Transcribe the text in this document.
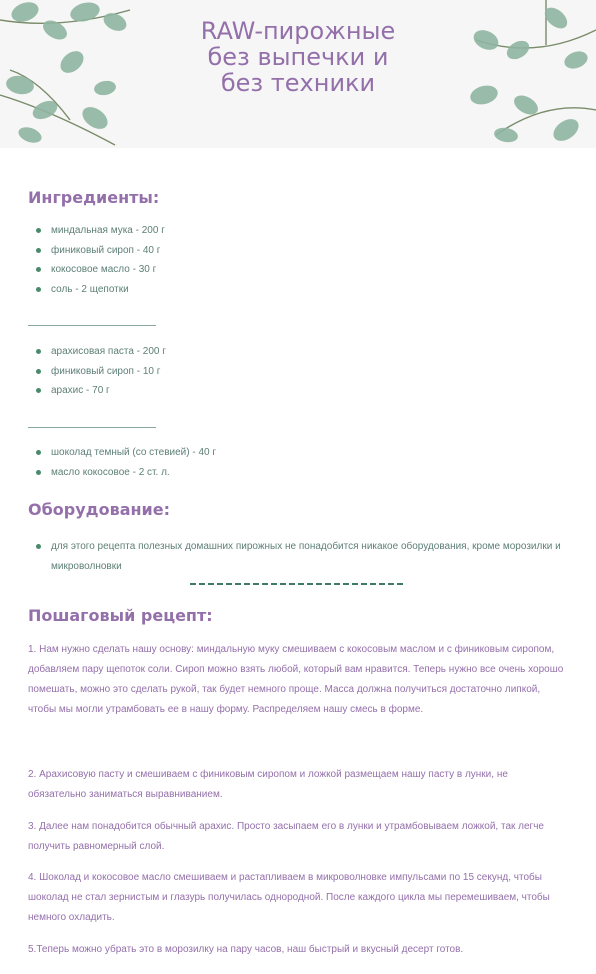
RAW-пирожные
без выпечки и
без техники
Ингредиенты:
миндальная мука - 200 г
финиковый сироп - 40 г
кокосовое масло - 30 г
соль - 2 щепотки
арахисовая паста - 200 г
финиковый сироп - 10 г
арахис - 70 г
шоколад темный (со стевией) - 40 г
масло кокосовое - 2 ст. л.
Оборудование:
для этого рецепта полезных домашних пирожных не понадобится никакое оборудования, кроме морозилки и микроволновки
Пошаговый рецепт:

1. Нам нужно сделать нашу основу: миндальную муку смешиваем с кокосовым маслом и с финиковым сиропом, добавляем пару щепоток соли. Сироп можно взять любой, который вам нравится. Теперь нужно все очень хорошо помешать, можно это сделать рукой, так будет немного проще. Масса должна получиться достаточно липкой, чтобы мы могли утрамбовать ее в нашу форму. Распределяем нашу смесь в форме.

2. Арахисовую пасту и смешиваем с финиковым сиропом и ложкой размещаем нашу пасту в лунки, не обязательно заниматься выравниванием.

3. Далее нам понадобится обычный арахис. Просто засыпаем его в лунки и утрамбовываем ложкой, так легче получить равномерный слой.

4. Шоколад и кокосовое масло смешиваем и растапливаем в микроволновке импульсами по 15 секунд, чтобы шоколад не стал зернистым и глазурь получилась однородной. После каждого цикла мы перемешиваем, чтобы немного охладить.

5.Теперь можно убрать это в морозилку на пару часов, наш быстрый и вкусный десерт готов.
